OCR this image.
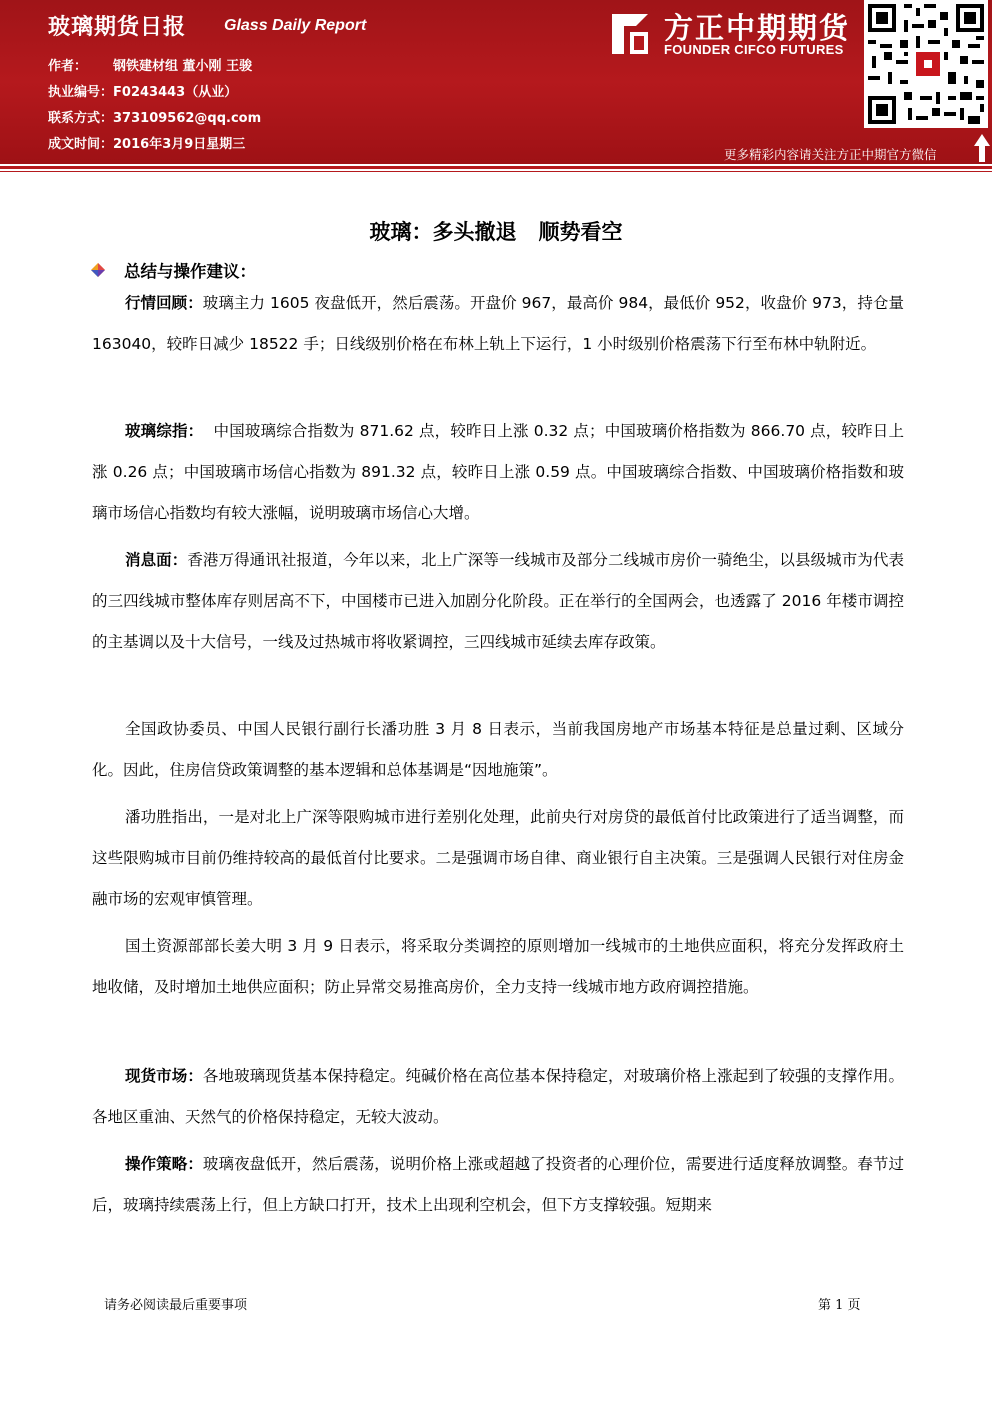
玻璃期货日报 Glass Daily Report
作者： 钢铁建材组 董小刚 王骏
执业编号：F0243443（从业）
联系方式：373109562@qq.com
成文时间：2016年3月9日星期三
方正中期期货
FOUNDER CIFCO FUTURES
更多精彩内容请关注方正中期官方微信
玻璃：多头撤退   顺势看空
总结与操作建议：
行情回顾：玻璃主力 1605 夜盘低开，然后震荡。开盘价 967，最高价 984，最低价 952，收盘价 973，持仓量 163040，较昨日减少 18522 手；日线级别价格在布林上轨上下运行，1 小时级别价格震荡下行至布林中轨附近。
玻璃综指：  中国玻璃综合指数为 871.62 点，较昨日上涨 0.32 点；中国玻璃价格指数为 866.70 点，较昨日上涨 0.26 点；中国玻璃市场信心指数为 891.32 点，较昨日上涨 0.59 点。中国玻璃综合指数、中国玻璃价格指数和玻璃市场信心指数均有较大涨幅，说明玻璃市场信心大增。
消息面：香港万得通讯社报道，今年以来，北上广深等一线城市及部分二线城市房价一骑绝尘，以县级城市为代表的三四线城市整体库存则居高不下，中国楼市已进入加剧分化阶段。正在举行的全国两会，也透露了 2016 年楼市调控的主基调以及十大信号，一线及过热城市将收紧调控，三四线城市延续去库存政策。
全国政协委员、中国人民银行副行长潘功胜 3 月 8 日表示，当前我国房地产市场基本特征是总量过剩、区域分化。因此，住房信贷政策调整的基本逻辑和总体基调是“因地施策”。
潘功胜指出，一是对北上广深等限购城市进行差别化处理，此前央行对房贷的最低首付比政策进行了适当调整，而这些限购城市目前仍维持较高的最低首付比要求。二是强调市场自律、商业银行自主决策。三是强调人民银行对住房金融市场的宏观审慎管理。
国土资源部部长姜大明 3 月 9 日表示，将采取分类调控的原则增加一线城市的土地供应面积，将充分发挥政府土地收储，及时增加土地供应面积；防止异常交易推高房价，全力支持一线城市地方政府调控措施。
现货市场：各地玻璃现货基本保持稳定。纯碱价格在高位基本保持稳定，对玻璃价格上涨起到了较强的支撑作用。各地区重油、天然气的价格保持稳定，无较大波动。
操作策略：玻璃夜盘低开，然后震荡，说明价格上涨或超越了投资者的心理价位，需要进行适度释放调整。春节过后，玻璃持续震荡上行，但上方缺口打开，技术上出现利空机会，但下方支撑较强。短期来
请务必阅读最后重要事项	第 1 页
